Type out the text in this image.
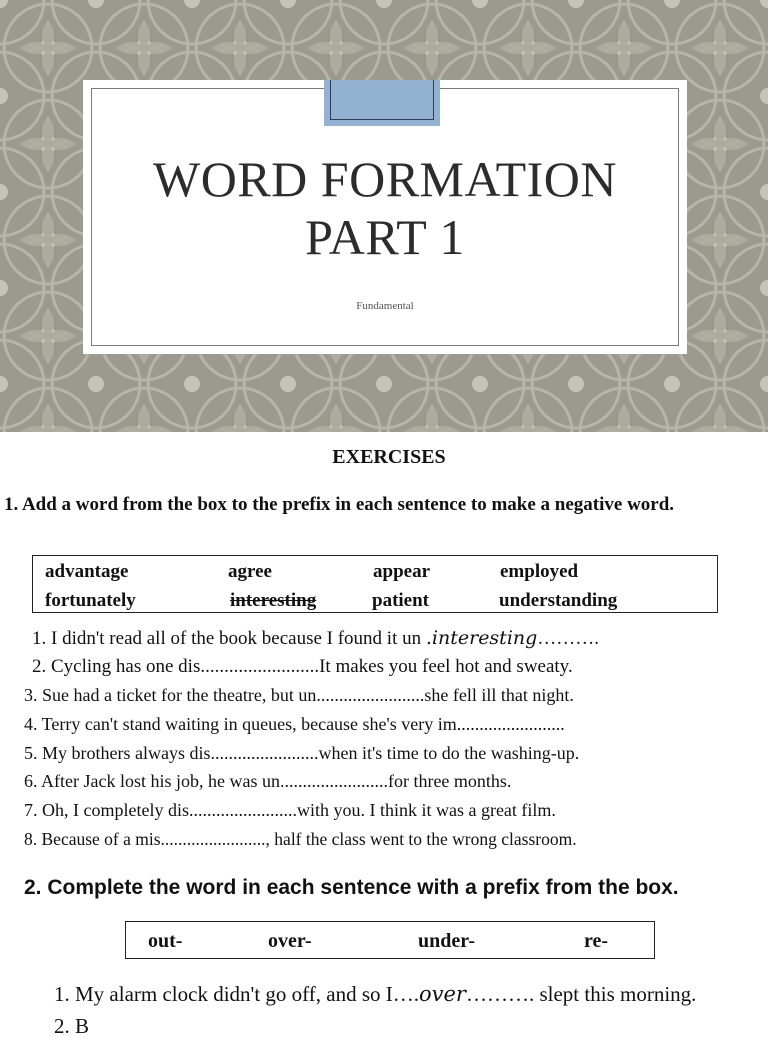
WORD FORMATION
PART 1
Fundamental
EXERCISES
1. Add a word from the box to the prefix in each sentence to make a negative word.
advantage	agree	appear	employed
fortunately	interesting	patient	understanding
1. I didn't read all of the book because I found it un .interesting……….
2. Cycling has one dis.........................It makes you feel hot and sweaty.
3. Sue had a ticket for the theatre, but un........................she fell ill that night.
4. Terry can't stand waiting in queues, because she's very im........................
5. My brothers always dis........................when it's time to do the washing-up.
6. After Jack lost his job, he was un........................for three months.
7. Oh, I completely dis........................with you. I think it was a great film.
8. Because of a mis........................, half the class went to the wrong classroom.
2. Complete the word in each sentence with a prefix from the box.
out-	over-	under-	re-
1. My alarm clock didn't go off, and so I….over………. slept this morning.
2. B
